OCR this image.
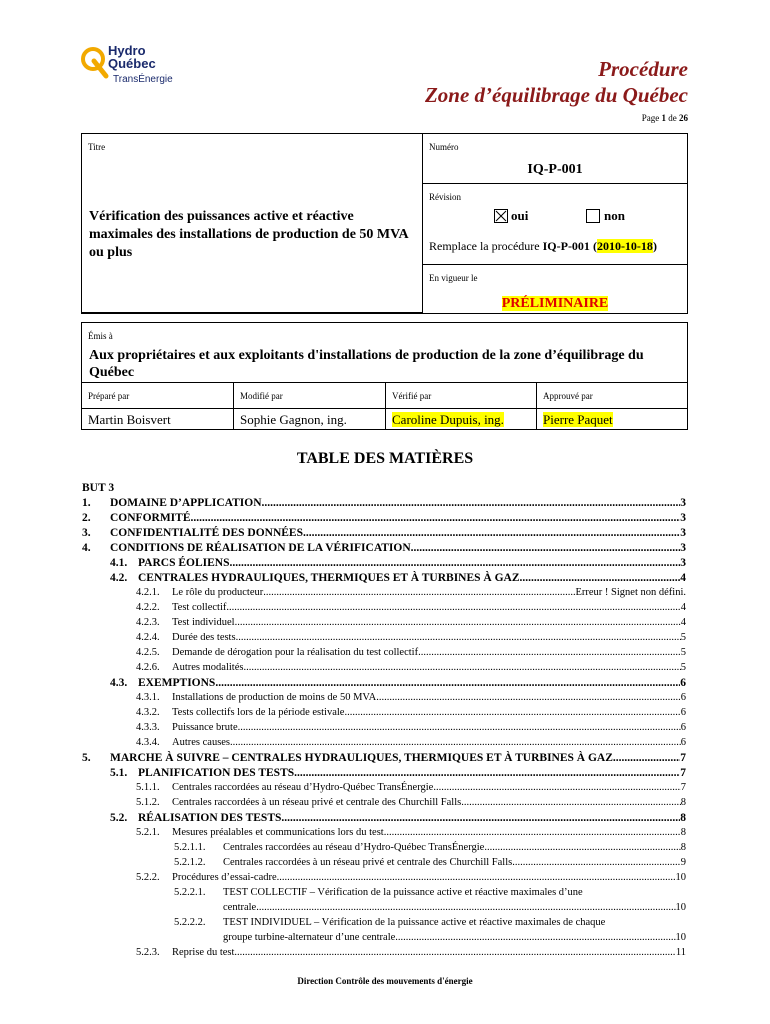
Hydro
Québec
TransÉnergie	Procédure
Zone d’équilibrage du Québec
Page 1 de 26
Titre
Vérification des puissances active et réactive maximales des installations de production de 50 MVA ou plus
Numéro
IQ-P-001
Révision
oui	non
Remplace la procédure IQ-P-001 (2010-10-18)
En vigueur le
PRÉLIMINAIRE
Émis à
Aux propriétaires et aux exploitants d'installations de production de la zone d’équilibrage du Québec
Préparé par	Modifié par	Vérifié par	Approuvé par
Martin Boisvert	Sophie Gagnon, ing.	Caroline Dupuis, ing.	Pierre Paquet
TABLE DES MATIÈRES
BUT 3
1.	DOMAINE D’APPLICATION .....	3
2.	CONFORMITÉ .....	3
3.	CONFIDENTIALITÉ DES DONNÉES .....	3
4.	CONDITIONS DE RÉALISATION DE LA VÉRIFICATION .....	3
4.1. PARCS ÉOLIENS .....	3
4.2. CENTRALES HYDRAULIQUES, THERMIQUES ET À TURBINES À GAZ .....	4
4.2.1.	Le rôle du producteur .....	Erreur ! Signet non défini.
4.2.2.	Test collectif .....	4
4.2.3.	Test individuel .....	4
4.2.4.	Durée des tests .....	5
4.2.5.	Demande de dérogation pour la réalisation du test collectif .....	5
4.2.6.	Autres modalités .....	5
4.3. EXEMPTIONS .....	6
4.3.1.	Installations de production de moins de 50 MVA .....	6
4.3.2.	Tests collectifs lors de la période estivale .....	6
4.3.3.	Puissance brute .....	6
4.3.4.	Autres causes .....	6
5.	MARCHE À SUIVRE – CENTRALES HYDRAULIQUES, THERMIQUES ET À TURBINES À GAZ .....	7
5.1. PLANIFICATION DES TESTS .....	7
5.1.1.	Centrales raccordées au réseau d’Hydro-Québec TransÉnergie .....	7
5.1.2.	Centrales raccordées à un réseau privé et centrale des Churchill Falls .....	8
5.2. RÉALISATION DES TESTS .....	8
5.2.1.	Mesures préalables et communications lors du test .....	8
5.2.1.1.	Centrales raccordées au réseau d’Hydro-Québec TransÉnergie .....	8
5.2.1.2.	Centrales raccordées à un réseau privé et centrale des Churchill Falls .....	9
5.2.2.	Procédures d’essai-cadre .....	10
5.2.2.1.	TEST COLLECTIF – Vérification de la puissance active et réactive maximales d’une
centrale .....	10
5.2.2.2.	TEST INDIVIDUEL – Vérification de la puissance active et réactive maximales de chaque
groupe turbine-alternateur d’une centrale .....	10
5.2.3.	Reprise du test .....	11
Direction Contrôle des mouvements d'énergie
